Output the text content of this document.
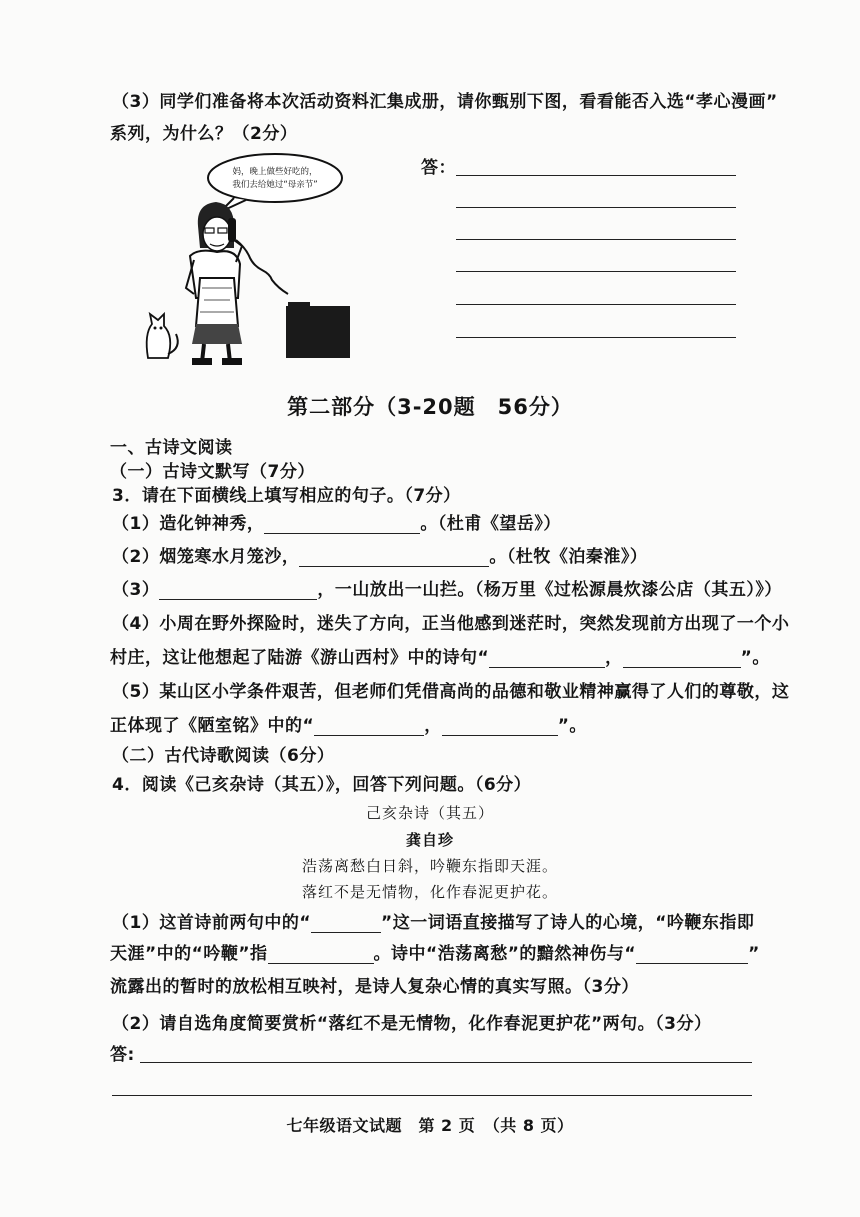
（3）同学们准备将本次活动资料汇集成册，请你甄别下图，看看能否入选“孝心漫画”
系列，为什么？（2分）
妈，晚上做些好吃的，
我们去给她过“母亲节”
答：
第二部分（3-20题　56分）
一、古诗文阅读
（一）古诗文默写（7分）
3．请在下面横线上填写相应的句子。（7分）
（1）造化钟神秀，	。（杜甫《望岳》）
（2）烟笼寒水月笼沙，	。（杜牧《泊秦淮》）
（3）	，一山放出一山拦。（杨万里《过松源晨炊漆公店（其五）》）
（4）小周在野外探险时，迷失了方向，正当他感到迷茫时，突然发现前方出现了一个小
村庄，这让他想起了陆游《游山西村》中的诗句“	，	”。
（5）某山区小学条件艰苦，但老师们凭借高尚的品德和敬业精神赢得了人们的尊敬，这
正体现了《陋室铭》中的“	，	”。
（二）古代诗歌阅读（6分）
4．阅读《己亥杂诗（其五）》，回答下列问题。（6分）
己亥杂诗（其五）
龚自珍
浩荡离愁白日斜，吟鞭东指即天涯。
落红不是无情物，化作春泥更护花。
（1）这首诗前两句中的“	”这一词语直接描写了诗人的心境，“吟鞭东指即
天涯”中的“吟鞭”指	。诗中“浩荡离愁”的黯然神伤与“	”
流露出的暂时的放松相互映衬，是诗人复杂心情的真实写照。（3分）
（2）请自选角度简要赏析“落红不是无情物，化作春泥更护花”两句。（3分）
答:
七年级语文试题　第 2 页　（共 8 页）
